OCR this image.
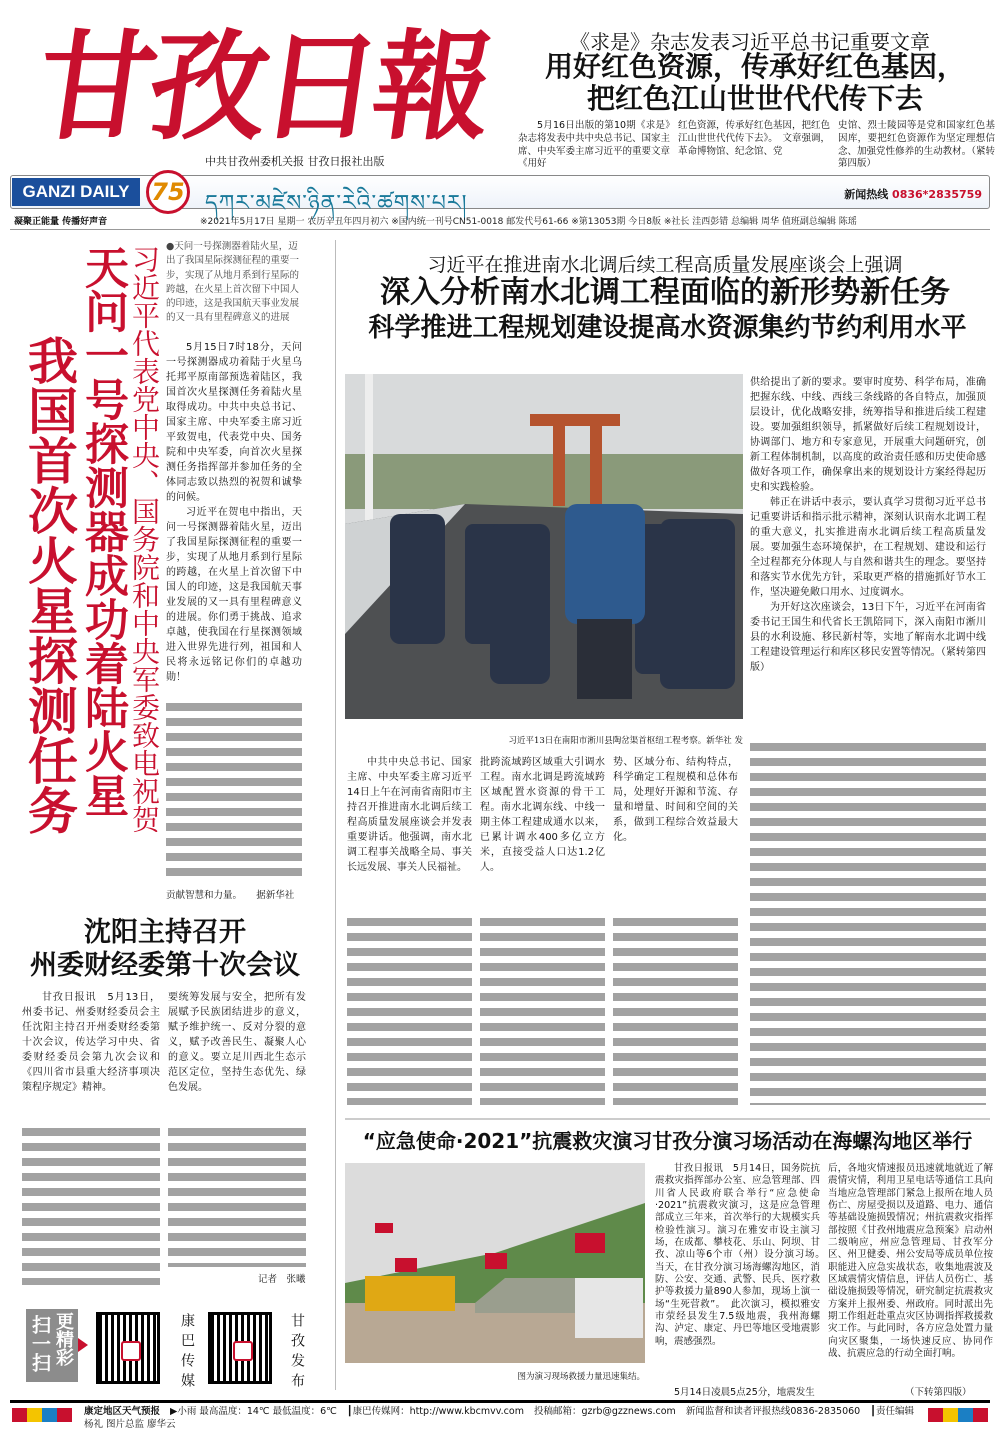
甘孜日報
中共甘孜州委机关报 甘孜日报社出版
《求是》杂志发表习近平总书记重要文章
用好红色资源，传承好红色基因，
把红色江山世世代代传下去
5月16日出版的第10期《求是》杂志将发表中共中央总书记、国家主席、中央军委主席习近平的重要文章《用好
红色资源，传承好红色基因，把红色江山世世代代传下去》。　文章强调，革命博物馆、纪念馆、党
史馆、烈士陵园等是党和国家红色基因库，要把红色资源作为坚定理想信念、加强党性修养的生动教材。（紧转第四版）
GANZI DAILY 75 དཀར་མཛེས་ཉིན་རེའི་ཚགས་པར།	新闻热线 0836*2835759
凝聚正能量 传播好声音	※2021年5月17日 星期一 农历辛丑年四月初六 ※国内统一刊号CN51-0018 邮发代号61-66 ※第13053期 今日8版 ※社长 洼西彭错 总编辑 周华 值班副总编辑 陈瑶
我国首次火星探测任务 天问一号探测器成功着陆火星 习近平代表党中央、国务院和中央军委致电祝贺 ●天问一号探测器着陆火星，迈出了我国星际探测征程的重要一步，实现了从地月系到行星际的跨越，在火星上首次留下中国人的印迹，这是我国航天事业发展的又一具有里程碑意义的进展

5月15日7时18分，天问一号探测器成功着陆于火星乌托邦平原南部预选着陆区，我国首次火星探测任务着陆火星取得成功。中共中央总书记、国家主席、中央军委主席习近平致贺电，代表党中央、国务院和中央军委，向首次火星探测任务指挥部并参加任务的全体同志致以热烈的祝贺和诚挚的问候。

习近平在贺电中指出，天问一号探测器着陆火星，迈出了我国星际探测征程的重要一步，实现了从地月系到行星际的跨越，在火星上首次留下中国人的印迹，这是我国航天事业发展的又一具有里程碑意义的进展。你们勇于挑战、追求卓越，使我国在行星探测领域进入世界先进行列，祖国和人民将永远铭记你们的卓越功勋！

贡献智慧和力量。　　据新华社
沈阳主持召开
州委财经委第十次会议
甘孜日报讯　5月13日，州委书记、州委财经委员会主任沈阳主持召开州委财经委第十次会议，传达学习中央、省委财经委员会第九次会议和《四川省市县重大经济事项决策程序规定》精神。
要统筹发展与安全，把所有发展赋予民族团结进步的意义，赋予维护统一、反对分裂的意义，赋予改善民生、凝聚人心的意义。要立足川西北生态示范区定位，坚持生态优先、绿色发展。
记者　张曦
扫一扫 更精彩	康巴传媒	甘孜发布
习近平在推进南水北调后续工程高质量发展座谈会上强调
深入分析南水北调工程面临的新形势新任务
科学推进工程规划建设提高水资源集约节约利用水平
习近平13日在南阳市淅川县陶岔渠首枢纽工程考察。新华社 发

供给提出了新的要求。要审时度势、科学布局，准确把握东线、中线、西线三条线路的各自特点，加强顶层设计，优化战略安排，统筹指导和推进后续工程建设。要加强组织领导，抓紧做好后续工程规划设计，协调部门、地方和专家意见，开展重大问题研究，创新工程体制机制，以高度的政治责任感和历史使命感做好各项工作，确保拿出来的规划设计方案经得起历史和实践检验。

韩正在讲话中表示，要认真学习贯彻习近平总书记重要讲话和指示批示精神，深刻认识南水北调工程的重大意义，扎实推进南水北调后续工程高质量发展。要加强生态环境保护，在工程规划、建设和运行全过程都充分体现人与自然和谐共生的理念。要坚持和落实节水优先方针，采取更严格的措施抓好节水工作，坚决避免敞口用水、过度调水。

为开好这次座谈会，13日下午，习近平在河南省委书记王国生和代省长王凯陪同下，深入南阳市淅川县的水利设施、移民新村等，实地了解南水北调中线工程建设管理运行和库区移民安置等情况。（紧转第四版）

中共中央总书记、国家主席、中央军委主席习近平14日上午在河南省南阳市主持召开推进南水北调后续工程高质量发展座谈会并发表重要讲话。他强调，南水北调工程事关战略全局、事关长远发展、事关人民福祉。
批跨流域跨区域重大引调水工程。南水北调是跨流域跨区域配置水资源的骨干工程。南水北调东线、中线一期主体工程建成通水以来，已累计调水400多亿立方米，直接受益人口达1.2亿人。
势、区域分布、结构特点，科学确定工程规模和总体布局，处理好开源和节流、存量和增量、时间和空间的关系，做到工程综合效益最大化。
“应急使命·2021”抗震救灾演习甘孜分演习场活动在海螺沟地区举行
图为演习现场救援力量迅速集结。
甘孜日报讯　5月14日，国务院抗震救灾指挥部办公室、应急管理部、四川省人民政府联合举行“应急使命·2021”抗震救灾演习，这是应急管理部成立三年来，首次举行的大规模实兵检验性演习。演习在雅安市设主演习场，在成都、攀枝花、乐山、阿坝、甘孜、凉山等6个市（州）设分演习场。　当天，在甘孜分演习场海螺沟地区，消防、公安、交通、武警、民兵、医疗救护等救援力量890人参加，现场上演一场“生死营救”。　此次演习，模拟雅安市荥经县发生7.5级地震，我州海螺沟、泸定、康定、丹巴等地区受地震影响，震感强烈。
5月14日凌晨5点25分，地震发生
后，各地灾情速报员迅速就地就近了解震情灾情，利用卫星电话等通信工具向当地应急管理部门紧急上报所在地人员伤亡、房屋受损以及道路、电力、通信等基础设施损毁情况；州抗震救灾指挥部按照《甘孜州地震应急预案》启动州二级响应，州应急管理局、甘孜军分区、州卫健委、州公安局等成员单位按职能进入应急实战状态，收集地震波及区域震情灾情信息，评估人员伤亡、基础设施损毁等情况，研究制定抗震救灾方案并上报州委、州政府。同时派出先期工作组赶赴重点灾区协调指挥救援救灾工作。与此同时，各方应急处置力量向灾区聚集，一场快速反应、协同作战、抗震应急的行动全面打响。
（下转第四版）
康定地区天气预报 ▶小雨 最高温度：14℃ 最低温度：6℃ ┃康巴传媒网：http://www.kbcmvv.com 投稿邮箱：gzrb@gzznews.com 新闻监督和读者评报热线0836-2835060 ┃责任编辑 杨礼 图片总监 廖华云
